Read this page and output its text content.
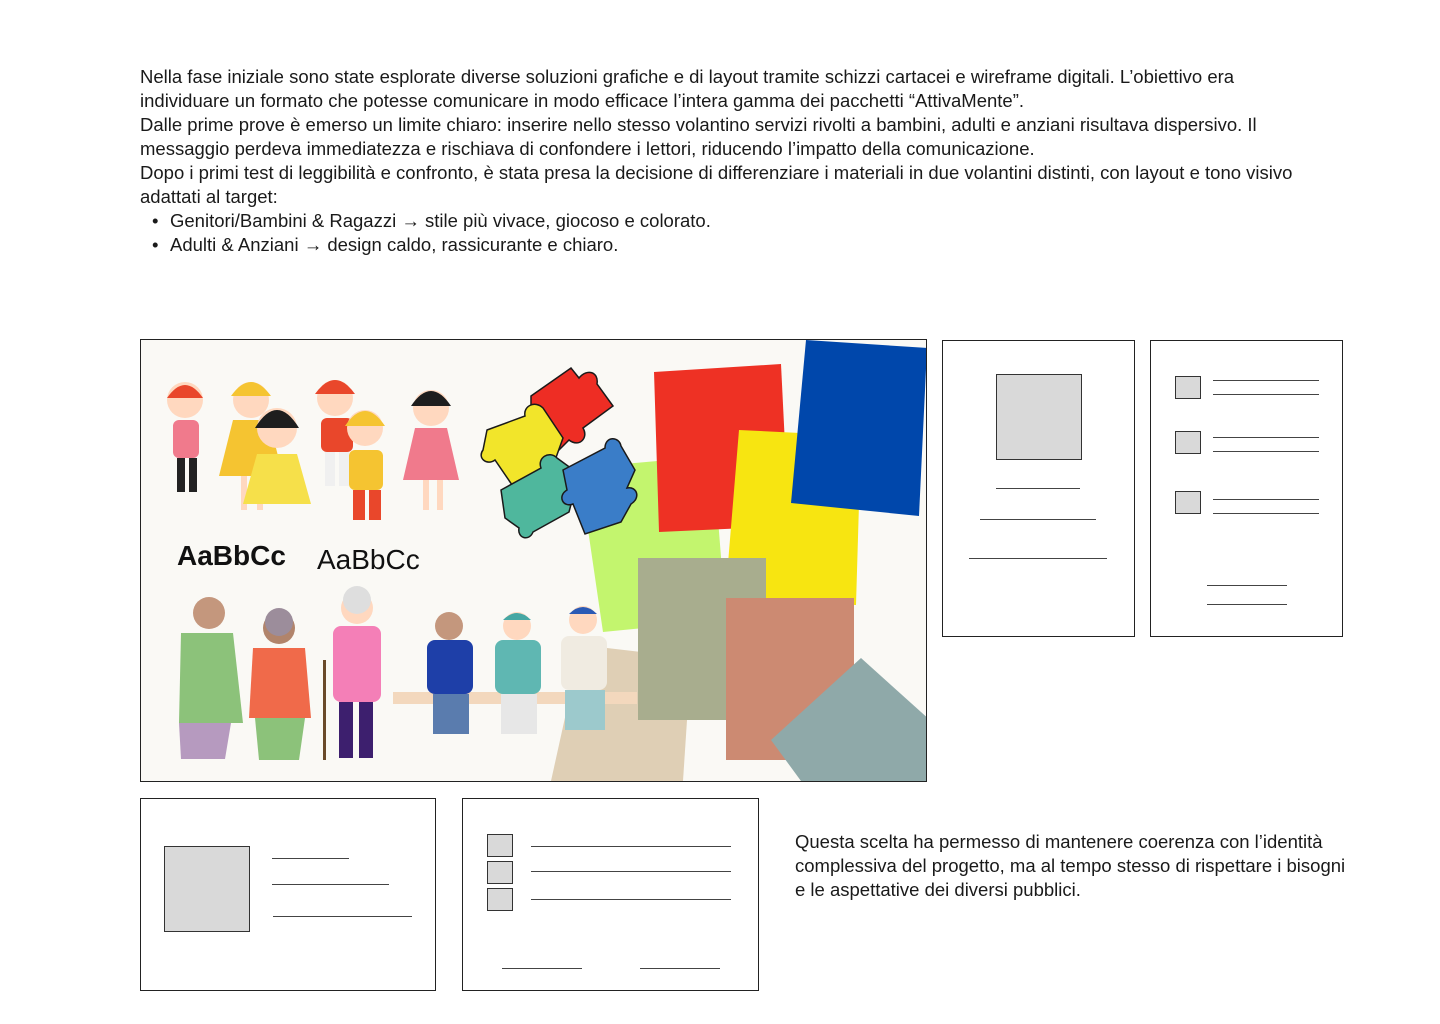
Nella fase iniziale sono state esplorate diverse soluzioni grafiche e di layout tramite schizzi cartacei e wireframe digitali. L’obiettivo era individuare un formato che potesse comunicare in modo efficace l’intera gamma dei pacchetti “AttivaMente”.

Dalle prime prove è emerso un limite chiaro: inserire nello stesso volantino servizi rivolti a bambini, adulti e anziani risultava dispersivo. Il messaggio perdeva immediatezza e rischiava di confondere i lettori, riducendo l’impatto della comunicazione.

Dopo i primi test di leggibilità e confronto, è stata presa la decisione di differenziare i materiali in due volantini distinti, con layout e tono visivo adattati al target:

• Genitori/Bambini & Ragazzi → stile più vivace, giocoso e colorato.
• Adulti & Anziani → design caldo, rassicurante e chiaro.
AaBbCc AaBbCc

Questa scelta ha permesso di mantenere coerenza con l’identità complessiva del progetto, ma al tempo stesso di rispettare i bisogni e le aspettative dei diversi pubblici.
